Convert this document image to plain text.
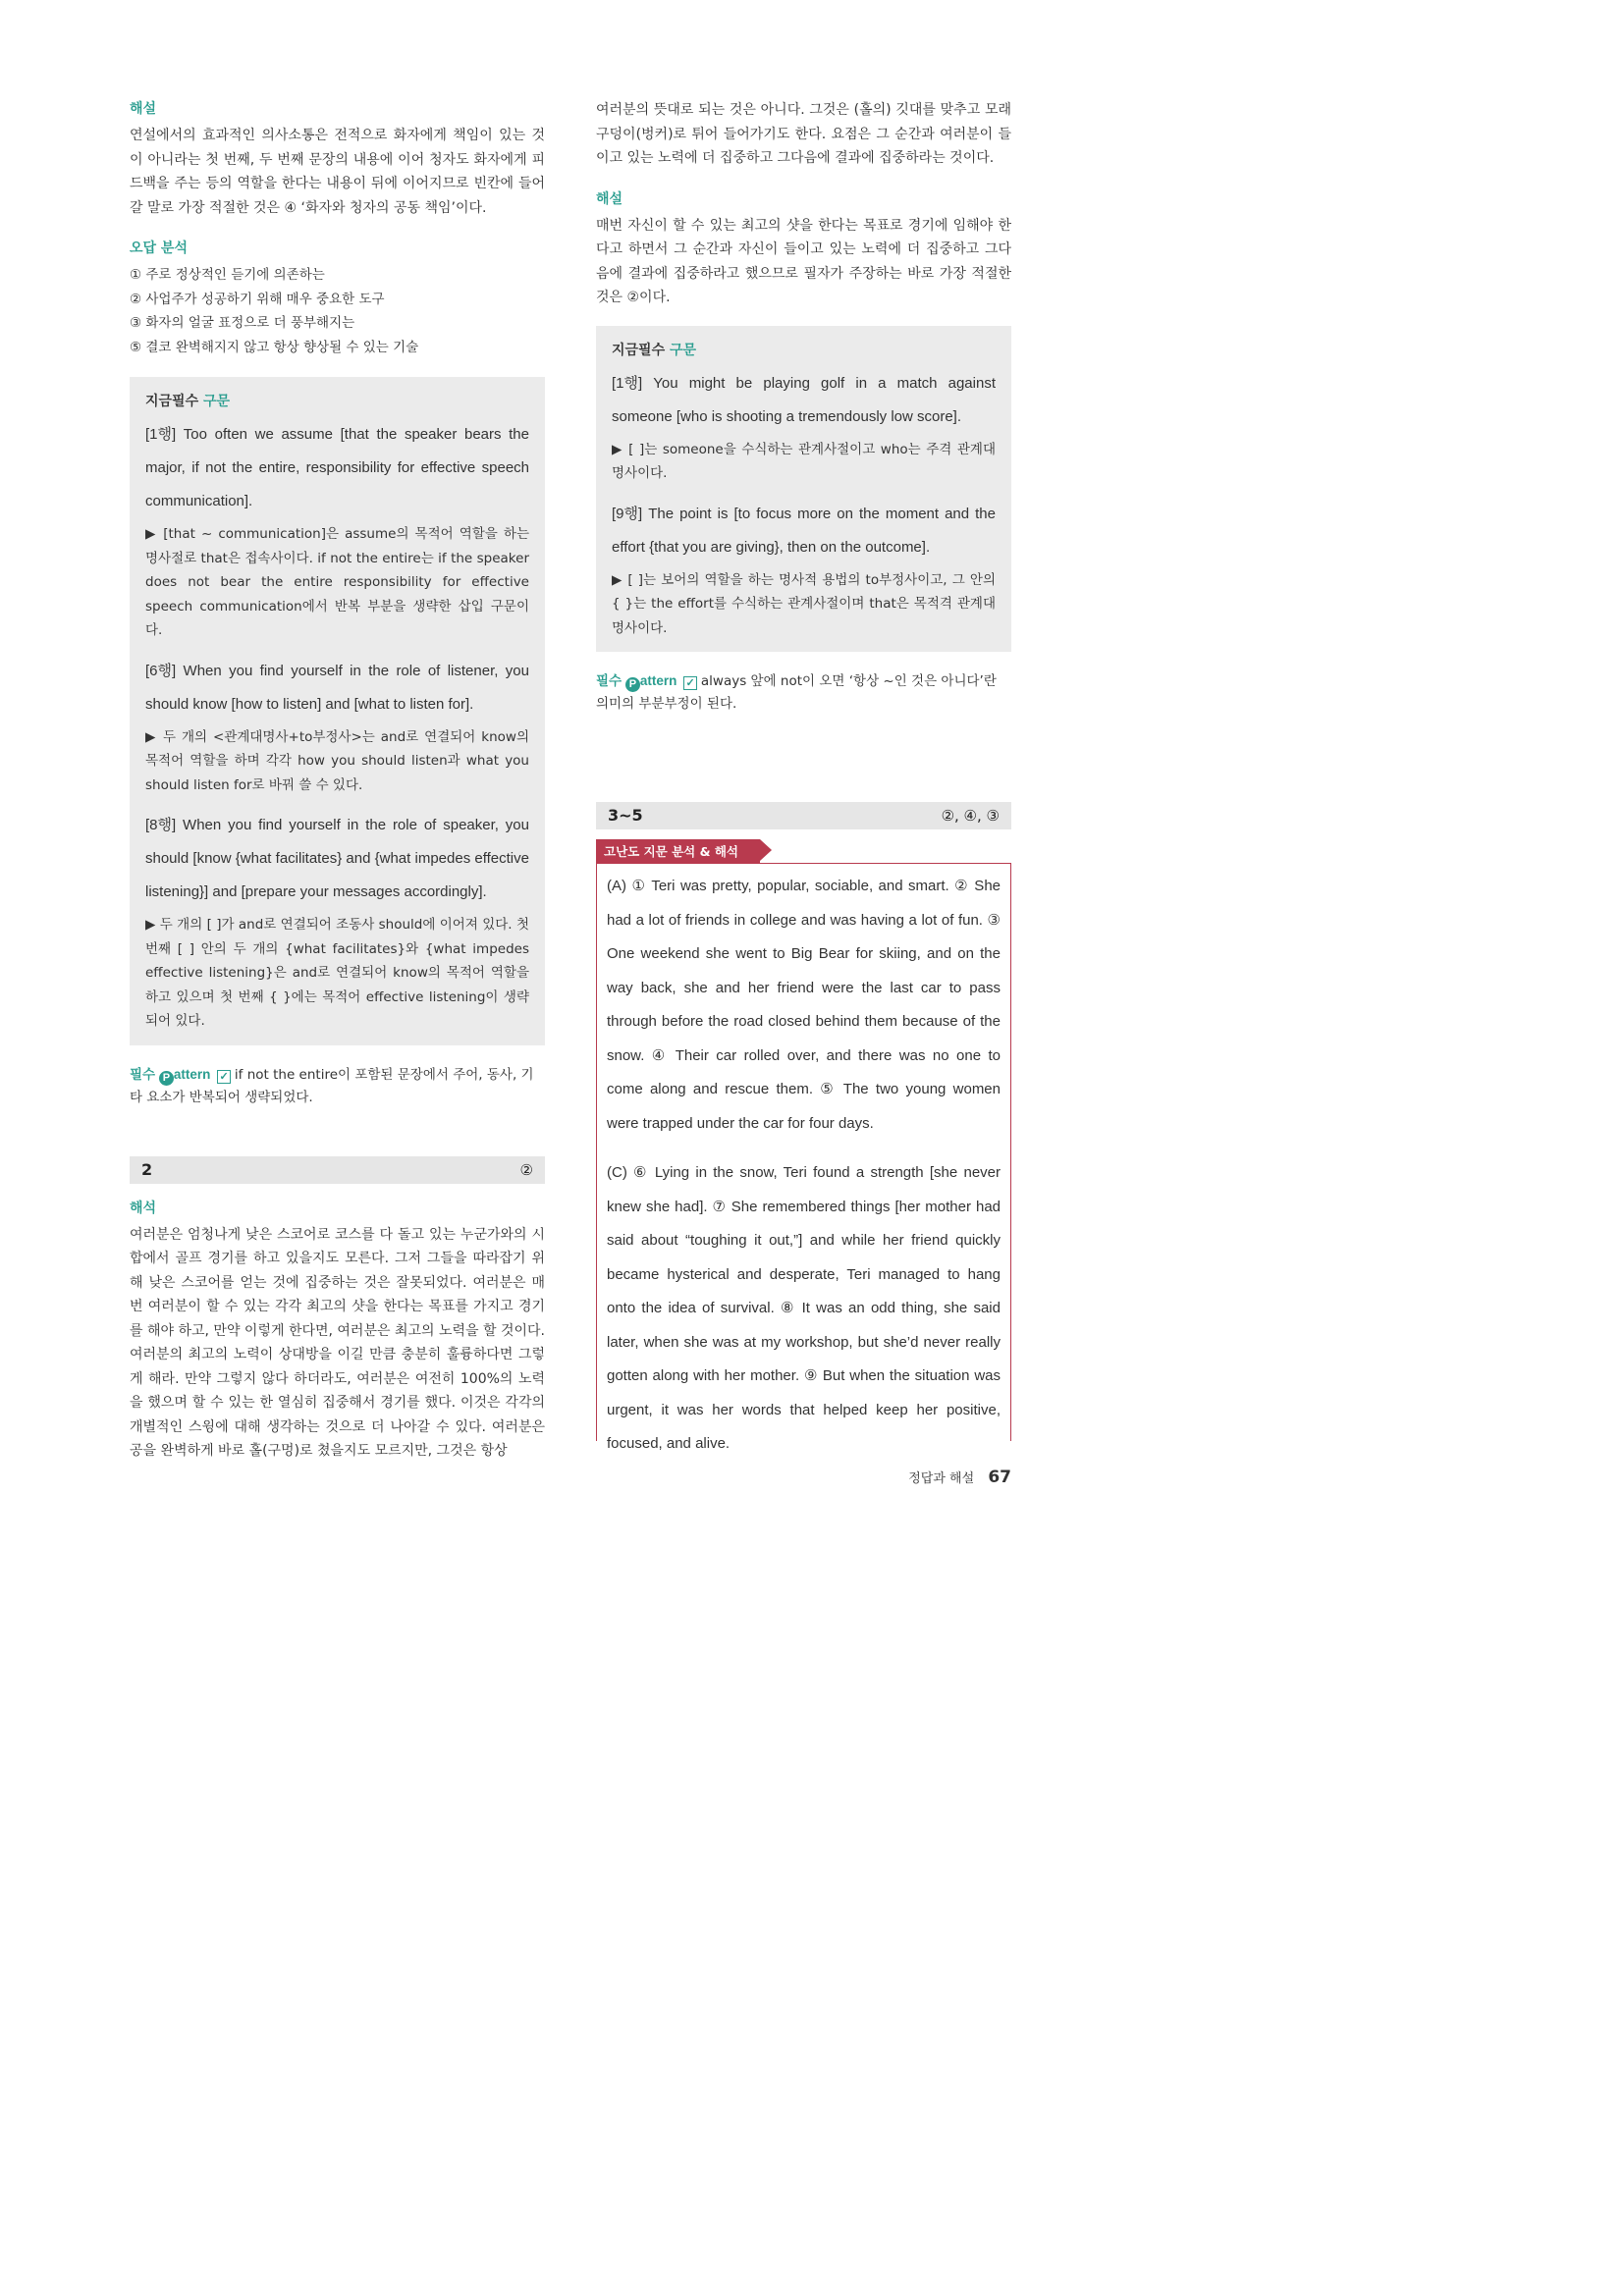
해설

연설에서의 효과적인 의사소통은 전적으로 화자에게 책임이 있는 것이 아니라는 첫 번째, 두 번째 문장의 내용에 이어 청자도 화자에게 피드백을 주는 등의 역할을 한다는 내용이 뒤에 이어지므로 빈칸에 들어갈 말로 가장 적절한 것은 ④ ‘화자와 청자의 공동 책임’이다.

오답 분석
① 주로 정상적인 듣기에 의존하는
② 사업주가 성공하기 위해 매우 중요한 도구
③ 화자의 얼굴 표정으로 더 풍부해지는
⑤ 결코 완벽해지지 않고 항상 향상될 수 있는 기술
지금필수 구문
[1행] Too often we assume [that the speaker bears the major, if not the entire, responsibility for effective speech communication].
▶ [that ~ communication]은 assume의 목적어 역할을 하는 명사절로 that은 접속사이다. if not the entire는 if the speaker does not bear the entire responsibility for effective speech communication에서 반복 부분을 생략한 삽입 구문이다.
[6행] When you find yourself in the role of listener, you should know [how to listen] and [what to listen for].
▶ 두 개의 <관계대명사+to부정사>는 and로 연결되어 know의 목적어 역할을 하며 각각 how you should listen과 what you should listen for로 바꿔 쓸 수 있다.
[8행] When you find yourself in the role of speaker, you should [know {what facilitates} and {what impedes effective listening}] and [prepare your messages accordingly].
▶ 두 개의 [ ]가 and로 연결되어 조동사 should에 이어져 있다. 첫 번째 [ ] 안의 두 개의 {what facilitates}와 {what impedes effective listening}은 and로 연결되어 know의 목적어 역할을 하고 있으며 첫 번째 { }에는 목적어 effective listening이 생략되어 있다.
필수 P attern ✓ if not the entire이 포함된 문장에서 주어, 동사, 기타 요소가 반복되어 생략되었다.
2	②
해석

여러분은 엄청나게 낮은 스코어로 코스를 다 돌고 있는 누군가와의 시합에서 골프 경기를 하고 있을지도 모른다. 그저 그들을 따라잡기 위해 낮은 스코어를 얻는 것에 집중하는 것은 잘못되었다. 여러분은 매번 여러분이 할 수 있는 각각 최고의 샷을 한다는 목표를 가지고 경기를 해야 하고, 만약 이렇게 한다면, 여러분은 최고의 노력을 할 것이다. 여러분의 최고의 노력이 상대방을 이길 만큼 충분히 훌륭하다면 그렇게 해라. 만약 그렇지 않다 하더라도, 여러분은 여전히 100%의 노력을 했으며 할 수 있는 한 열심히 집중해서 경기를 했다. 이것은 각각의 개별적인 스윙에 대해 생각하는 것으로 더 나아갈 수 있다. 여러분은 공을 완벽하게 바로 홀(구멍)로 쳤을지도 모르지만, 그것은 항상

여러분의 뜻대로 되는 것은 아니다. 그것은 (홀의) 깃대를 맞추고 모래 구덩이(벙커)로 튀어 들어가기도 한다. 요점은 그 순간과 여러분이 들이고 있는 노력에 더 집중하고 그다음에 결과에 집중하라는 것이다.

해설

매번 자신이 할 수 있는 최고의 샷을 한다는 목표로 경기에 임해야 한다고 하면서 그 순간과 자신이 들이고 있는 노력에 더 집중하고 그다음에 결과에 집중하라고 했으므로 필자가 주장하는 바로 가장 적절한 것은 ②이다.

지금필수 구문
[1행] You might be playing golf in a match against someone [who is shooting a tremendously low score].
▶ [ ]는 someone을 수식하는 관계사절이고 who는 주격 관계대명사이다.
[9행] The point is [to focus more on the moment and the effort {that you are giving}, then on the outcome].
▶ [ ]는 보어의 역할을 하는 명사적 용법의 to부정사이고, 그 안의 { }는 the effort를 수식하는 관계사절이며 that은 목적격 관계대명사이다.
필수 P attern ✓ always 앞에 not이 오면 ‘항상 ~인 것은 아니다’란 의미의 부분부정이 된다.
3~5	②, ④, ③
고난도 지문 분석 & 해석
(A) ① Teri was pretty, popular, sociable, and smart. ② She had a lot of friends in college and was having a lot of fun. ③ One weekend she went to Big Bear for skiing, and on the way back, she and her friend were the last car to pass through before the road closed behind them because of the snow. ④ Their car rolled over, and there was no one to come along and rescue them. ⑤ The two young women were trapped under the car for four days.
(C) ⑥ Lying in the snow, Teri found a strength [she never knew she had]. ⑦ She remembered things [her mother had said about “toughing it out,”] and while her friend quickly became hysterical and desperate, Teri managed to hang onto the idea of survival. ⑧ It was an odd thing, she said later, when she was at my workshop, but she’d never really gotten along with her mother. ⑨ But when the situation was urgent, it was her words that helped keep her positive, focused, and alive.
정답과 해설 67
